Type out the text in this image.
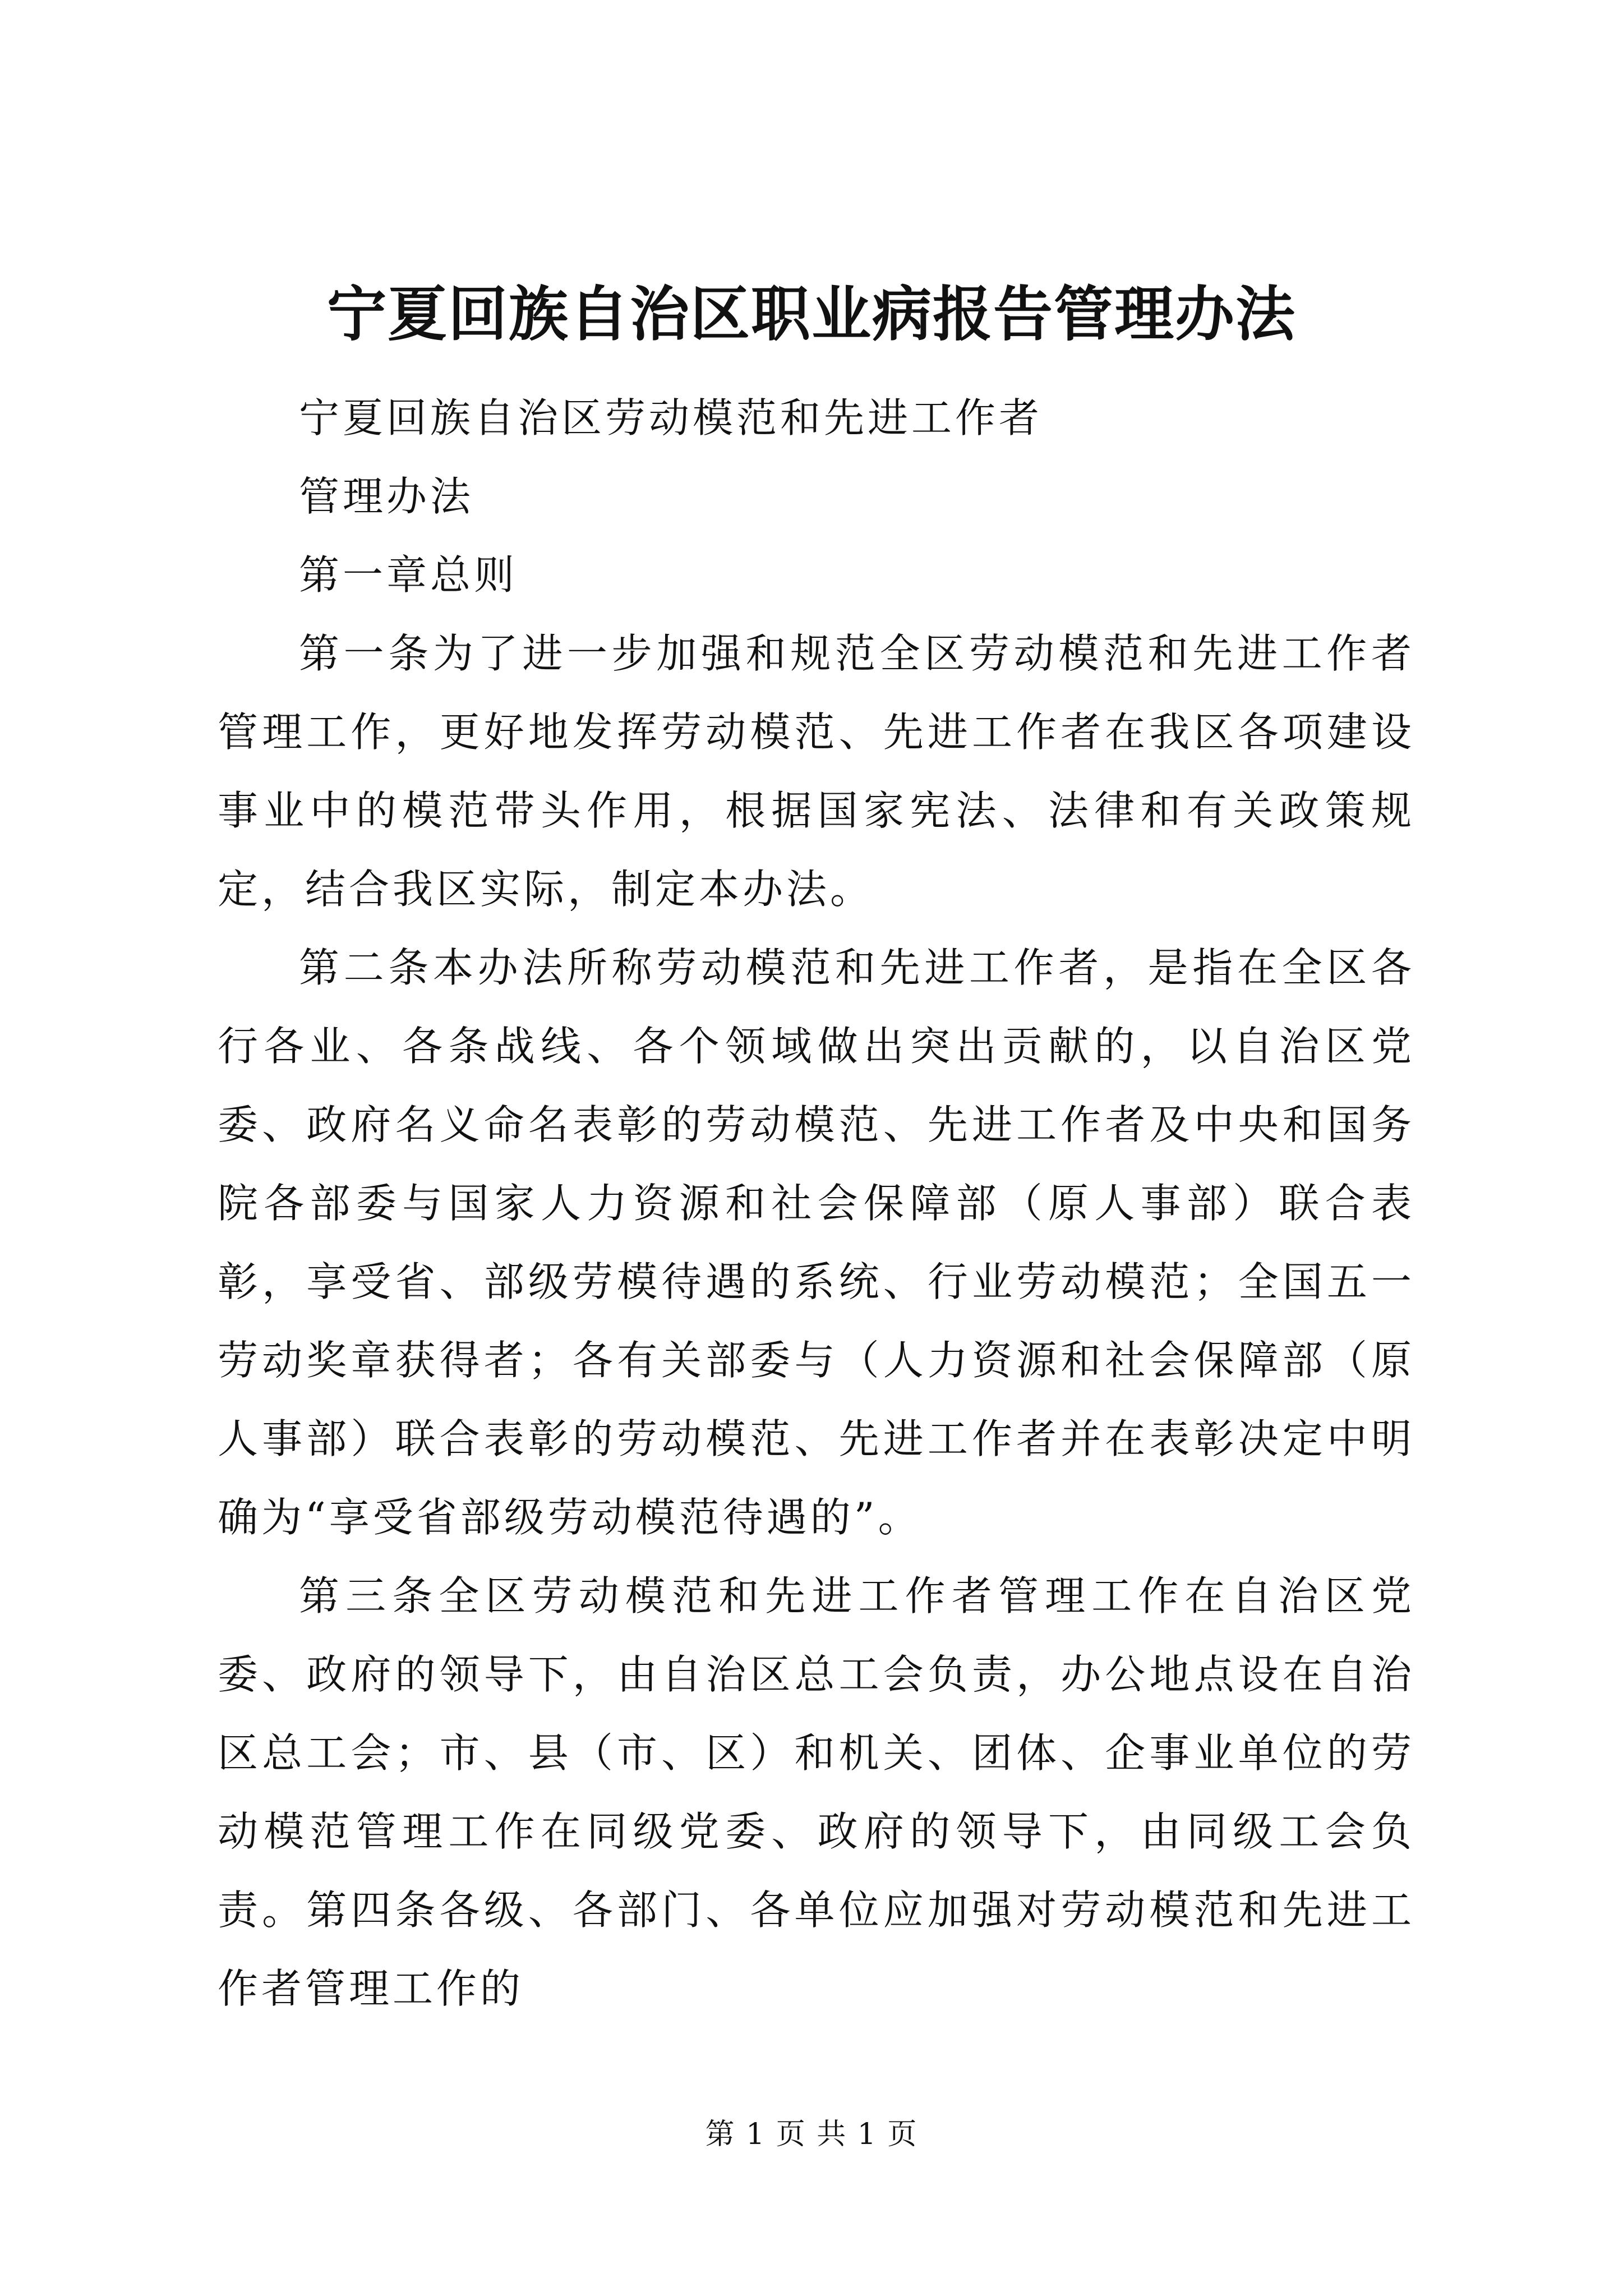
宁夏回族自治区职业病报告管理办法

宁夏回族自治区劳动模范和先进工作者

管理办法

第一章总则

第一条为了进一步加强和规范全区劳动模范和先进工作者管理工作，更好地发挥劳动模范、先进工作者在我区各项建设事业中的模范带头作用，根据国家宪法、法律和有关政策规定，结合我区实际，制定本办法。

第二条本办法所称劳动模范和先进工作者，是指在全区各行各业、各条战线、各个领域做出突出贡献的，以自治区党委、政府名义命名表彰的劳动模范、先进工作者及中央和国务院各部委与国家人力资源和社会保障部（原人事部）联合表彰，享受省、部级劳模待遇的系统、行业劳动模范；全国五一劳动奖章获得者；各有关部委与（人力资源和社会保障部（原人事部）联合表彰的劳动模范、先进工作者并在表彰决定中明确为“享受省部级劳动模范待遇的”。

第三条全区劳动模范和先进工作者管理工作在自治区党委、政府的领导下，由自治区总工会负责，办公地点设在自治区总工会；市、县（市、区）和机关、团体、企事业单位的劳动模范管理工作在同级党委、政府的领导下，由同级工会负责。第四条各级、各部门、各单位应加强对劳动模范和先进工作者管理工作的

第 1 页 共 1 页
